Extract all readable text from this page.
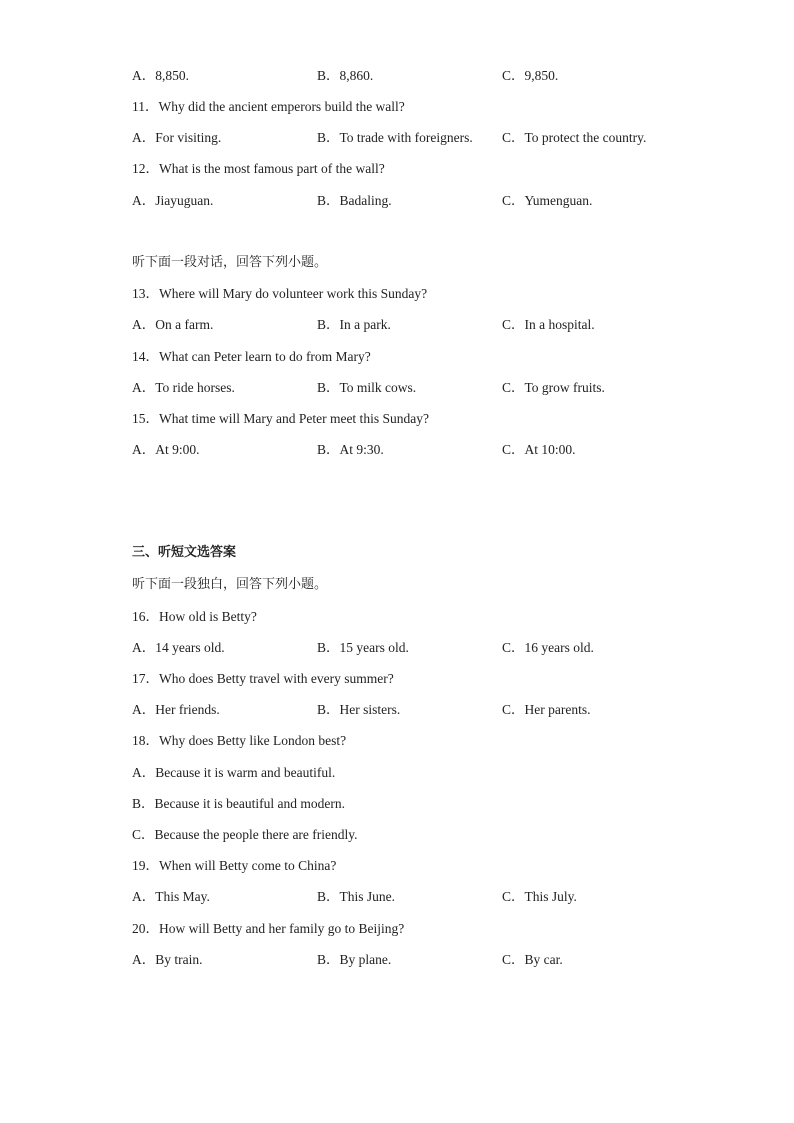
A．8,850.	B．8,860.	C．9,850.
11．Why did the ancient emperors build the wall?
A．For visiting.	B．To trade with foreigners. C．To protect the country.
12．What is the most famous part of the wall?
A．Jiayuguan.	B．Badaling.	C．Yumenguan.
听下面一段对话，回答下列小题。
13．Where will Mary do volunteer work this Sunday?
A．On a farm.	B．In a park.	C．In a hospital.
14．What can Peter learn to do from Mary?
A．To ride horses.	B．To milk cows.	C．To grow fruits.
15．What time will Mary and Peter meet this Sunday?
A．At 9:00.	B．At 9:30.	C．At 10:00.
三、听短文选答案
听下面一段独白，回答下列小题。
16．How old is Betty?
A．14 years old.	B．15 years old.	C．16 years old.
17．Who does Betty travel with every summer?
A．Her friends.	B．Her sisters.	C．Her parents.
18．Why does Betty like London best?
A．Because it is warm and beautiful.
B．Because it is beautiful and modern.
C．Because the people there are friendly.
19．When will Betty come to China?
A．This May.	B．This June.	C．This July.
20．How will Betty and her family go to Beijing?
A．By train.	B．By plane.	C．By car.
